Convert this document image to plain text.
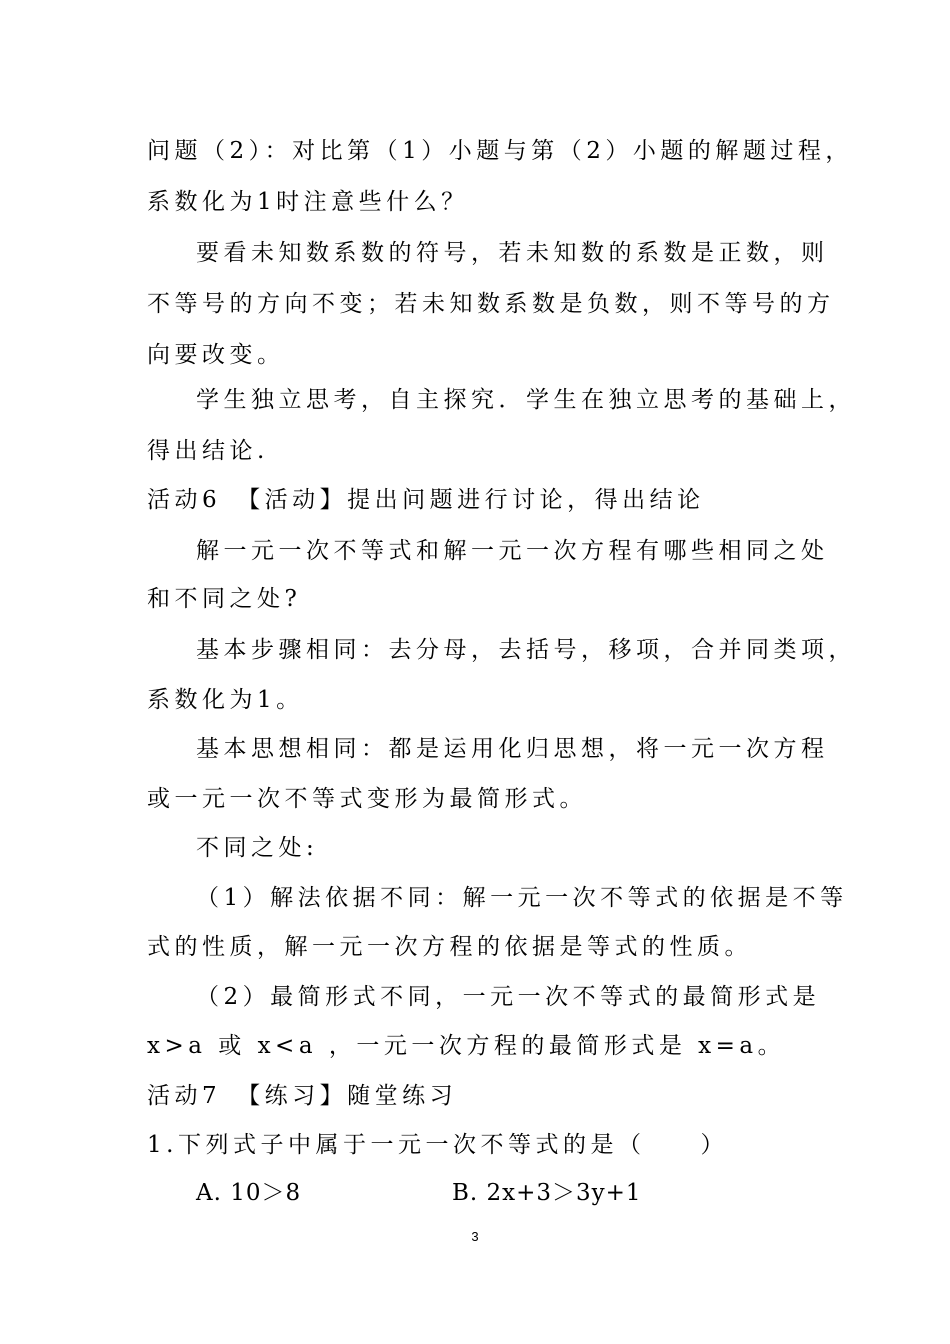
问题（2）：对比第（1）小题与第（2）小题的解题过程，
系数化为1时注意些什么？
要看未知数系数的符号，若未知数的系数是正数，则
不等号的方向不变；若未知数系数是负数，则不等号的方
向要改变。
学生独立思考，自主探究．学生在独立思考的基础上，
得出结论.
活动6　【活动】提出问题进行讨论，得出结论
解一元一次不等式和解一元一次方程有哪些相同之处
和不同之处?
基本步骤相同：去分母，去括号，移项，合并同类项，
系数化为1。
基本思想相同：都是运用化归思想，将一元一次方程
或一元一次不等式变形为最简形式。
不同之处:
（1）解法依据不同：解一元一次不等式的依据是不等
式的性质，解一元一次方程的依据是等式的性质。
（2）最简形式不同，一元一次不等式的最简形式是
x>a 或 x<a ，一元一次方程的最简形式是 x=a。
活动7　【练习】随堂练习
1.下列式子中属于一元一次不等式的是（　　）
A. 10＞8	B. 2x+3＞3y+1
3
